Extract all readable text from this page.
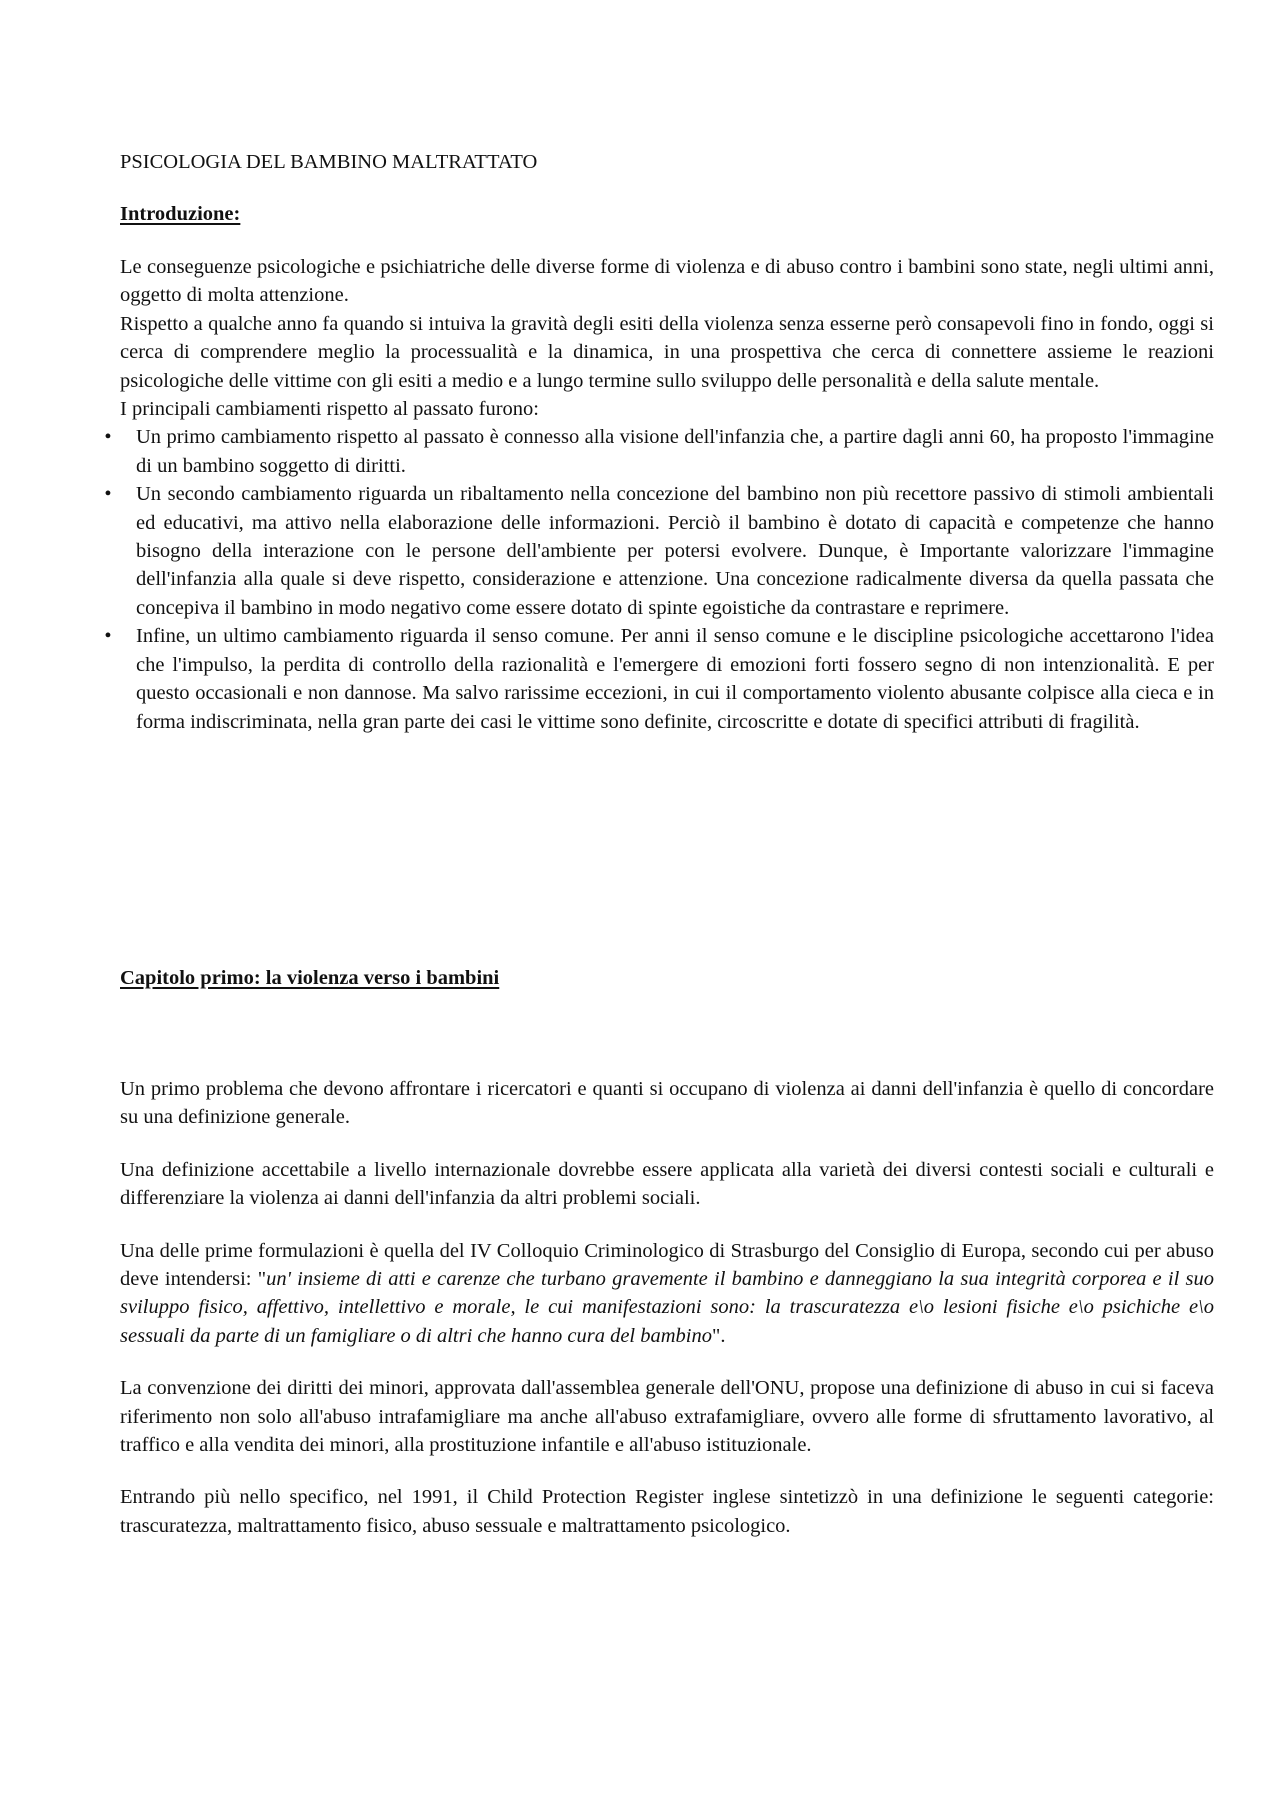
PSICOLOGIA DEL BAMBINO MALTRATTATO
Introduzione:

Le conseguenze psicologiche e psichiatriche delle diverse forme di violenza e di abuso contro i bambini sono state, negli ultimi anni, oggetto di molta attenzione.

Rispetto a qualche anno fa quando si intuiva la gravità degli esiti della violenza senza esserne però consapevoli fino in fondo, oggi si cerca di comprendere meglio la processualità e la dinamica, in una prospettiva che cerca di connettere assieme le reazioni psicologiche delle vittime con gli esiti a medio e a lungo termine sullo sviluppo delle personalità e della salute mentale.

I principali cambiamenti rispetto al passato furono:

• Un primo cambiamento rispetto al passato è connesso alla visione dell'infanzia che, a partire dagli anni 60, ha proposto l'immagine di un bambino soggetto di diritti.
• Un secondo cambiamento riguarda un ribaltamento nella concezione del bambino non più recettore passivo di stimoli ambientali ed educativi, ma attivo nella elaborazione delle informazioni. Perciò il bambino è dotato di capacità e competenze che hanno bisogno della interazione con le persone dell'ambiente per potersi evolvere. Dunque, è Importante valorizzare l'immagine dell'infanzia alla quale si deve rispetto, considerazione e attenzione. Una concezione radicalmente diversa da quella passata che concepiva il bambino in modo negativo come essere dotato di spinte egoistiche da contrastare e reprimere.
• Infine, un ultimo cambiamento riguarda il senso comune. Per anni il senso comune e le discipline psicologiche accettarono l'idea che l'impulso, la perdita di controllo della razionalità e l'emergere di emozioni forti fossero segno di non intenzionalità. E per questo occasionali e non dannose. Ma salvo rarissime eccezioni, in cui il comportamento violento abusante colpisce alla cieca e in forma indiscriminata, nella gran parte dei casi le vittime sono definite, circoscritte e dotate di specifici attributi di fragilità.
Capitolo primo: la violenza verso i bambini

Un primo problema che devono affrontare i ricercatori e quanti si occupano di violenza ai danni dell'infanzia è quello di concordare su una definizione generale.

Una definizione accettabile a livello internazionale dovrebbe essere applicata alla varietà dei diversi contesti sociali e culturali e differenziare la violenza ai danni dell'infanzia da altri problemi sociali.

Una delle prime formulazioni è quella del IV Colloquio Criminologico di Strasburgo del Consiglio di Europa, secondo cui per abuso deve intendersi: "un' insieme di atti e carenze che turbano gravemente il bambino e danneggiano la sua integrità corporea e il suo sviluppo fisico, affettivo, intellettivo e morale, le cui manifestazioni sono: la trascuratezza e\o lesioni fisiche e\o psichiche e\o sessuali da parte di un famigliare o di altri che hanno cura del bambino".

La convenzione dei diritti dei minori, approvata dall'assemblea generale dell'ONU, propose una definizione di abuso in cui si faceva riferimento non solo all'abuso intrafamigliare ma anche all'abuso extrafamigliare, ovvero alle forme di sfruttamento lavorativo, al traffico e alla vendita dei minori, alla prostituzione infantile e all'abuso istituzionale.

Entrando più nello specifico, nel 1991, il Child Protection Register inglese sintetizzò in una definizione le seguenti categorie: trascuratezza, maltrattamento fisico, abuso sessuale e maltrattamento psicologico.
